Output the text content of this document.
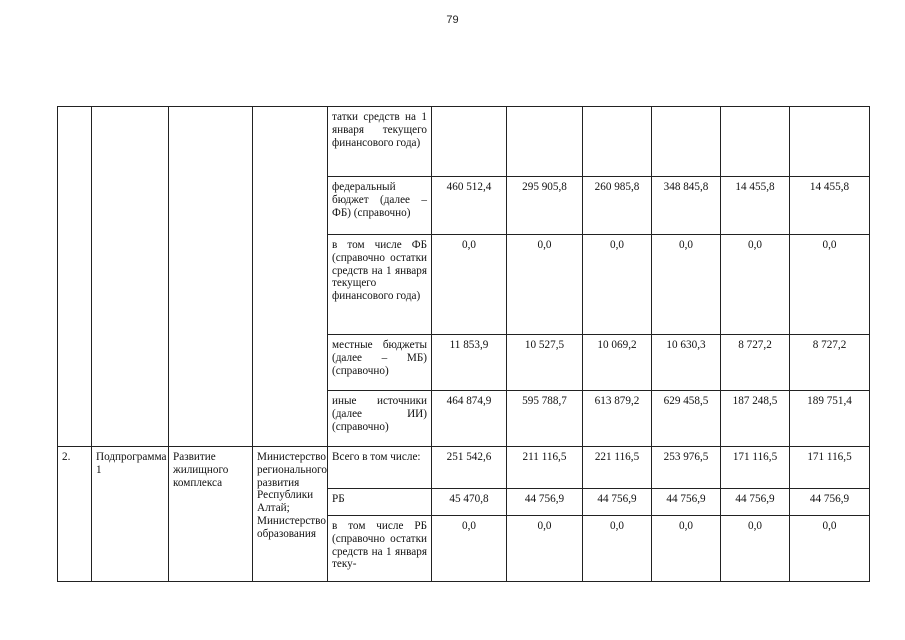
79
				татки средств на 1 января текущего финансового года)						
				федеральный бюджет (далее – ФБ) (справочно)	460 512,4	295 905,8	260 985,8	348 845,8	14 455,8	14 455,8
				в том числе ФБ (справочно остатки средств на 1 января текущего финансового года)	0,0	0,0	0,0	0,0	0,0	0,0
				местные бюджеты (далее – МБ) (справочно)	11 853,9	10 527,5	10 069,2	10 630,3	8 727,2	8 727,2
				иные источники (далее ИИ) (справочно)	464 874,9	595 788,7	613 879,2	629 458,5	187 248,5	189 751,4
2.	Подпрограмма 1	Развитие жилищного комплекса	Министерство регионального развития Республики Алтай; Министерство образования	Всего в том числе:	251 542,6	211 116,5	221 116,5	253 976,5	171 116,5	171 116,5
				РБ	45 470,8	44 756,9	44 756,9	44 756,9	44 756,9	44 756,9
				в том числе РБ (справочно остатки средств на 1 января теку-	0,0	0,0	0,0	0,0	0,0	0,0
